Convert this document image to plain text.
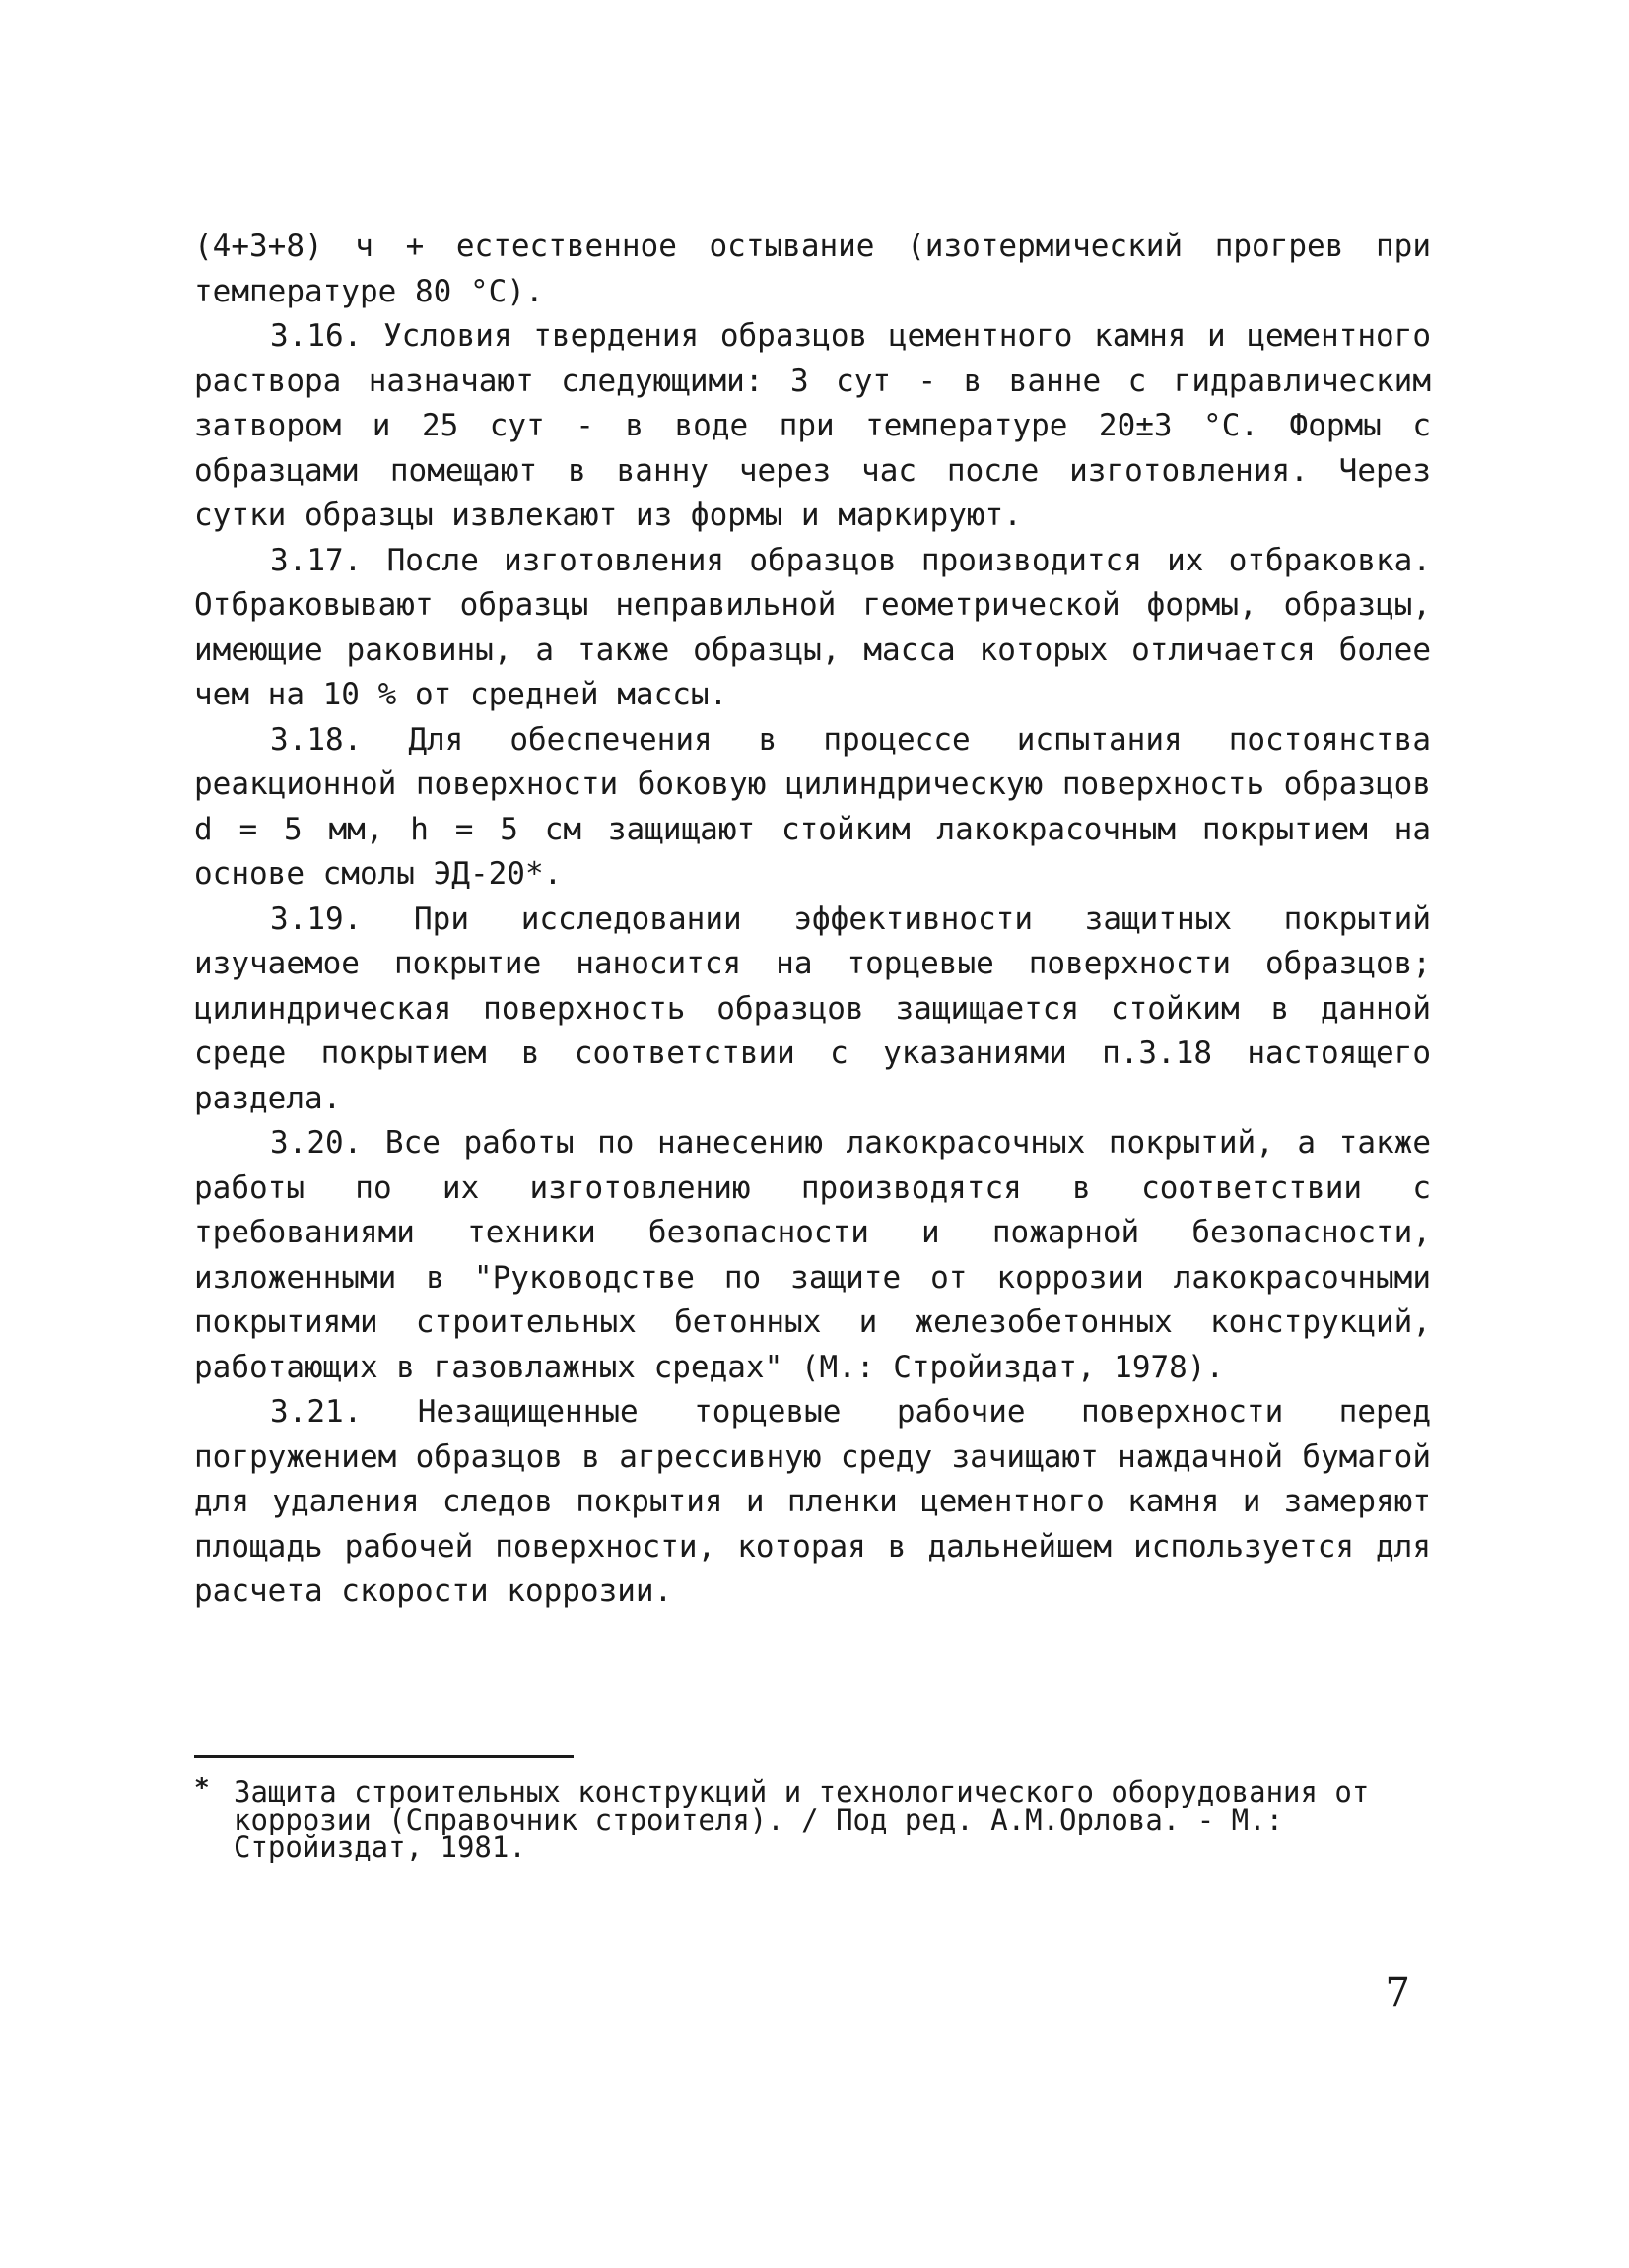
(4+3+8) ч + естественное остывание (изотермический прогрев при температуре 80 °С).

3.16. Условия твердения образцов цементного камня и цементного раствора назначают следующими: 3 сут - в ванне с гидравлическим затвором и 25 сут - в воде при температуре 20±3 °С. Формы с образцами помещают в ванну через час после изготовления. Через сутки образцы извлекают из формы и маркируют.

3.17. После изготовления образцов производится их отбраковка. Отбраковывают образцы неправильной геометрической формы, образцы, имеющие раковины, а также образцы, масса которых отличается более чем на 10 % от средней массы.

3.18. Для обеспечения в процессе испытания постоянства реакционной поверхности боковую цилиндрическую поверхность образцов d = 5 мм, h = 5 см защищают стойким лакокрасочным покрытием на основе смолы ЭД-20*.

3.19. При исследовании эффективности защитных покрытий изучаемое покрытие наносится на торцевые поверхности образцов; цилиндрическая поверхность образцов защищается стойким в данной среде покрытием в соответствии с указаниями п.3.18 настоящего раздела.

3.20. Все работы по нанесению лакокрасочных покрытий, а также работы по их изготовлению производятся в соответствии с требованиями техники безопасности и пожарной безопасности, изложенными в "Руководстве по защите от коррозии лакокрасочными покрытиями строительных бетонных и железобетонных конструкций, работающих в газовлажных средах" (М.: Стройиздат, 1978).

3.21. Незащищенные торцевые рабочие поверхности перед погружением образцов в агрессивную среду зачищают наждачной бумагой для удаления следов покрытия и пленки цементного камня и замеряют площадь рабочей поверхности, которая в дальнейшем используется для расчета скорости коррозии.

* Защита строительных конструкций и технологического оборудования от коррозии (Справочник строителя). / Под ред. А.М.Орлова. - М.: Стройиздат, 1981.
7
